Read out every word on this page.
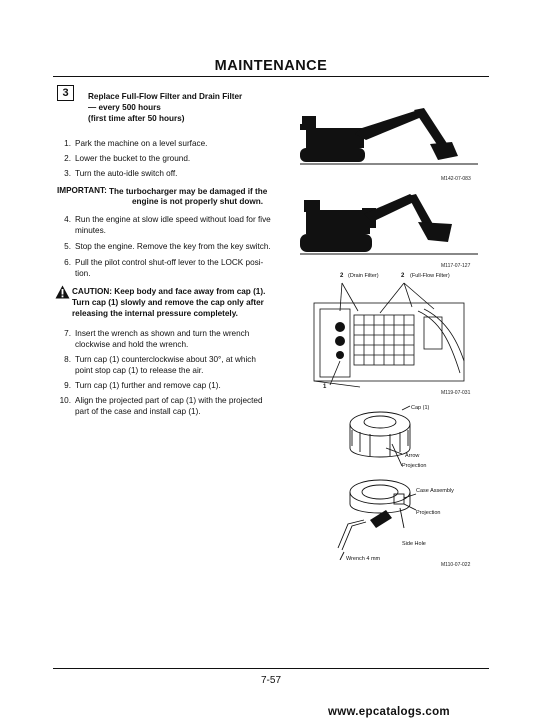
MAINTENANCE
3	Replace Full-Flow Filter and Drain Filter
— every 500 hours
(first time after 50 hours)
1. Park the machine on a level surface.
2. Lower the bucket to the ground.
3. Turn the auto-idle switch off.
IMPORTANT: The turbocharger may be damaged if the
engine is not properly shut down.
4. Run the engine at slow idle speed without load for five
minutes.
5. Stop the engine. Remove the key from the key switch.
6. Pull the pilot control shut-off lever to the LOCK posi-
tion.
CAUTION: Keep body and face away from cap (1).
Turn cap (1) slowly and remove the cap only after
releasing the internal pressure completely.
7. Insert the wrench as shown and turn the wrench
clockwise and hold the wrench.
8. Turn cap (1) counterclockwise about 30°, at which
point stop cap (1) to release the air.
9. Turn cap (1) further and remove cap (1).
10. Align the projected part of cap (1) with the projected
part of the case and install cap (1).
M142-07-083
M117-07-127
2 (Drain Filter)	2 (Full-Flow Filter)
1
M119-07-031
Cap (1)
Arrow
Projection
Case Assembly
Projection
Side Hole
Wrench 4 mm
M110-07-022
7-57
www.epcatalogs.com
